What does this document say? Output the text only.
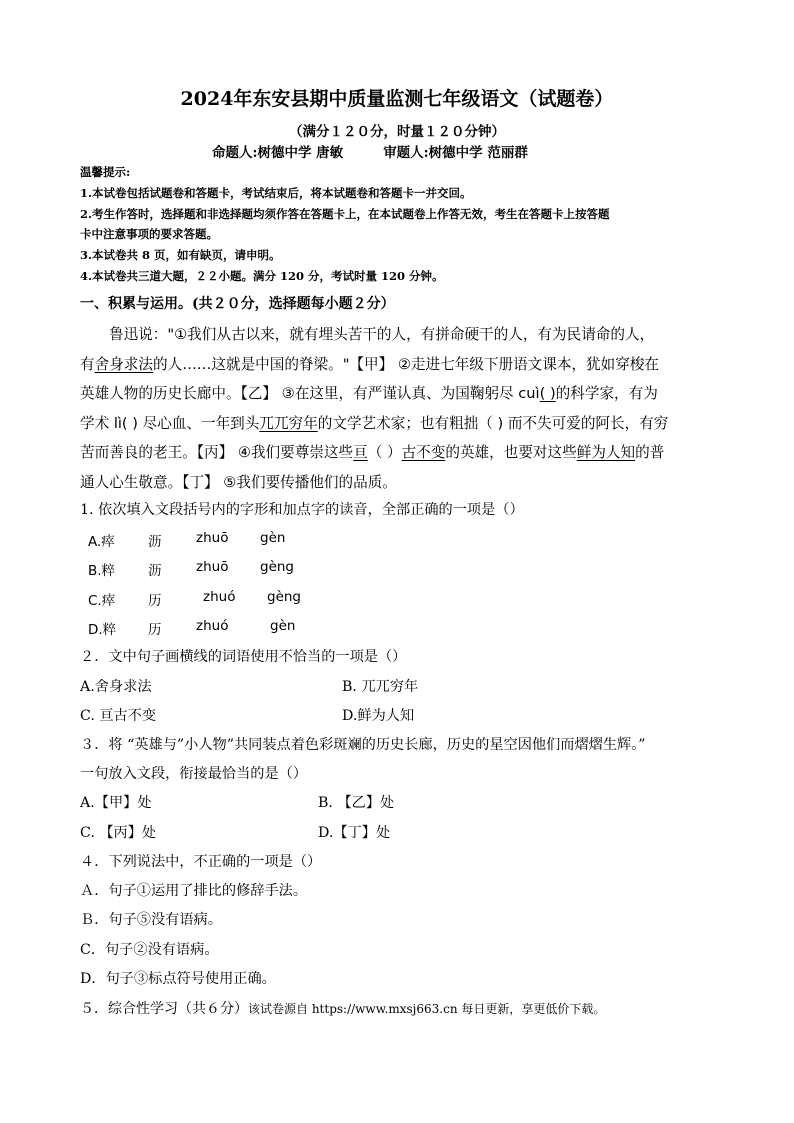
2024年东安县期中质量监测七年级语文（试题卷）
（满分１２０分，时量１２０分钟）
命题人:树德中学 唐敏	审题人:树德中学 范丽群
温馨提示:
1.本试卷包括试题卷和答题卡，考试结束后，将本试题卷和答题卡一并交回。
2.考生作答时，选择题和非选择题均须作答在答题卡上，在本试题卷上作答无效，考生在答题卡上按答题
卡中注意事项的要求答题。
3.本试卷共 8 页，如有缺页，请申明。
4.本试卷共三道大题，２２小题。满分 120 分，考试时量 120 分钟。
一、积累与运用。(共２０分，选择题每小题２分）

鲁迅说："①我们从古以来，就有埋头苦干的人，有拼命硬干的人，有为民请命的人，

有舍身求法的人……这就是中国的脊梁。"【甲】 ②走进七年级下册语文课本，犹如穿梭在

英雄人物的历史长廊中。【乙】 ③在这里，有严谨认真、为国鞠躬尽 cuì( )的科学家，有为

学术 lì( ) 尽心血、一年到头兀兀穷年的文学艺术家；也有粗拙（ ) 而不失可爱的阿长，有穷

苦而善良的老王。【丙】 ④我们要尊崇这些亘（ ）古不变的英雄，也要对这些鲜为人知的普

通人心生敬意。【丁】 ⑤我们要传播他们的品质。

1. 依次填入文段括号内的字形和加点字的读音，全部正确的一项是（）
A.瘁 沥	zhuō gèn
B.粹 沥	zhuō gèng
C.瘁 历	zhuó gèng
D.粹 历	zhuó	gèn
２．文中句子画横线的词语使用不恰当的一项是（）
A.舍身求法	B. 兀兀穷年
C. 亘古不变	D.鲜为人知
３．将 “英雄与”小人物”共同装点着色彩斑斓的历史长廊，历史的星空因他们而熠熠生辉。”
一句放入文段，衔接最恰当的是（）
A.【甲】处	B. 【乙】处
C. 【丙】处	D.【丁】处
４．下列说法中，不正确的一项是（）
Ａ．句子①运用了排比的修辞手法。
Ｂ．句子⑤没有语病。
C．句子②没有语病。
D．句子③标点符号使用正确。
５．综合性学习（共６分）该试卷源自 https://www.mxsj663.cn 每日更新，享更低价下载。
